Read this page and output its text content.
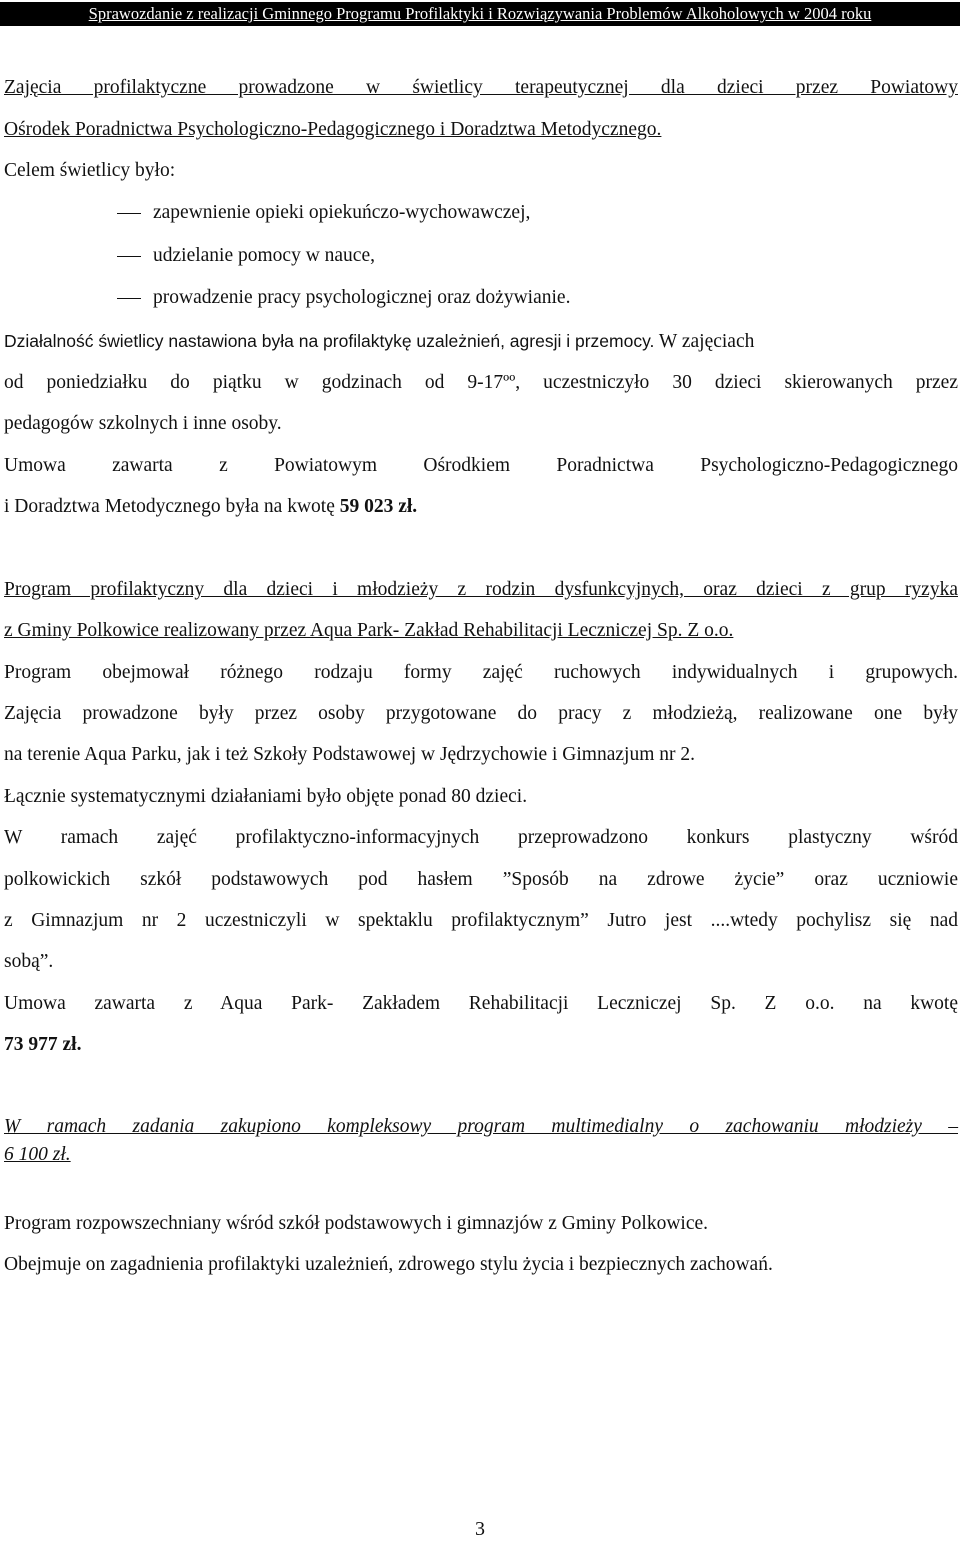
Sprawozdanie z realizacji Gminnego Programu Profilaktyki i Rozwiązywania Problemów Alkoholowych w 2004 roku
Zajęcia profilaktyczne prowadzone w świetlicy terapeutycznej dla dzieci przez Powiatowy
Ośrodek Poradnictwa Psychologiczno-Pedagogicznego i Doradztwa Metodycznego.
Celem świetlicy było:
zapewnienie opieki opiekuńczo-wychowawczej,
udzielanie pomocy w nauce,
prowadzenie pracy psychologicznej oraz dożywianie.
Działalność świetlicy nastawiona była na profilaktykę uzależnień, agresji i przemocy. W zajęciach
od poniedziałku do piątku w godzinach od 9-17ºº, uczestniczyło 30 dzieci skierowanych przez
pedagogów szkolnych i inne osoby.
Umowa zawarta z Powiatowym Ośrodkiem Poradnictwa Psychologiczno-Pedagogicznego
i Doradztwa Metodycznego była na kwotę 59 023 zł.
Program profilaktyczny dla dzieci i młodzieży z rodzin dysfunkcyjnych, oraz dzieci z grup ryzyka
z Gminy Polkowice realizowany przez Aqua Park- Zakład Rehabilitacji Leczniczej Sp. Z o.o.
Program obejmował różnego rodzaju formy zajęć ruchowych indywidualnych i grupowych.
Zajęcia prowadzone były przez osoby przygotowane do pracy z młodzieżą, realizowane one były
na terenie Aqua Parku, jak i też Szkoły Podstawowej w Jędrzychowie i Gimnazjum nr 2.
Łącznie systematycznymi działaniami było objęte ponad 80 dzieci.
W ramach zajęć profilaktyczno-informacyjnych przeprowadzono konkurs plastyczny wśród
polkowickich szkół podstawowych pod hasłem ”Sposób na zdrowe życie” oraz uczniowie
z Gimnazjum nr 2 uczestniczyli w spektaklu profilaktycznym” Jutro jest ....wtedy pochylisz się nad
sobą”.
Umowa zawarta z Aqua Park- Zakładem Rehabilitacji Leczniczej Sp. Z o.o. na kwotę
73 977 zł.
W ramach zadania zakupiono kompleksowy program multimedialny o zachowaniu młodzieży –
6 100 zł.
Program rozpowszechniany wśród szkół podstawowych i gimnazjów z Gminy Polkowice.
Obejmuje on zagadnienia profilaktyki uzależnień, zdrowego stylu życia i bezpiecznych zachowań.
3
